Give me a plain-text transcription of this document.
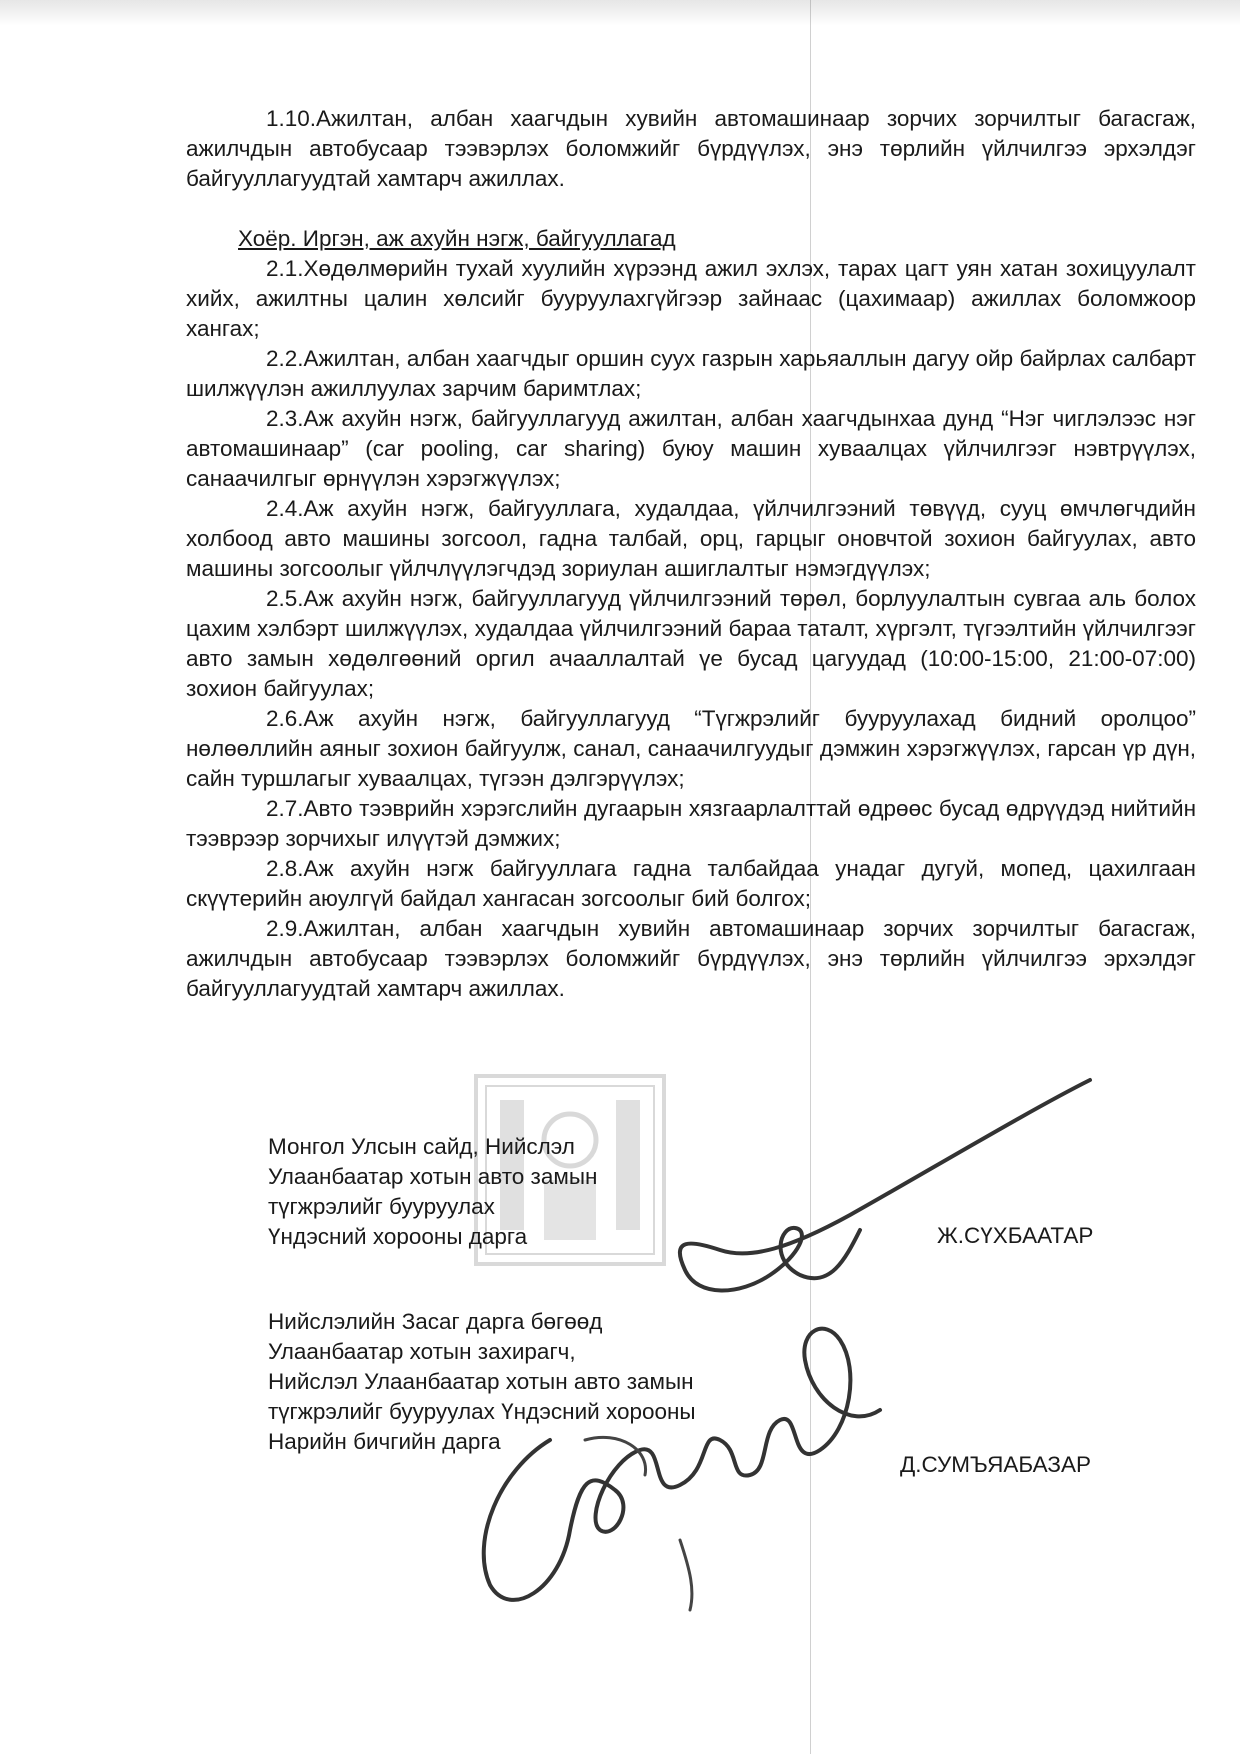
1.10.Ажилтан, албан хаагчдын хувийн автомашинаар зорчих зорчилтыг багасгаж, ажилчдын автобусаар тээвэрлэх боломжийг бүрдүүлэх, энэ төрлийн үйлчилгээ эрхэлдэг байгууллагуудтай хамтарч ажиллах.

Хоёр. Иргэн, аж ахуйн нэгж, байгууллагад

2.1.Хөдөлмөрийн тухай хуулийн хүрээнд ажил эхлэх, тарах цагт уян хатан зохицуулалт хийх, ажилтны цалин хөлсийг бууруулахгүйгээр зайнаас (цахимаар) ажиллах боломжоор хангах;

2.2.Ажилтан, албан хаагчдыг оршин суух газрын харьяаллын дагуу ойр байрлах салбарт шилжүүлэн ажиллуулах зарчим баримтлах;

2.3.Аж ахуйн нэгж, байгууллагууд ажилтан, албан хаагчдынхаа дунд “Нэг чиглэлээс нэг автомашинаар” (car pooling, car sharing) буюу машин хуваалцах үйлчилгээг нэвтрүүлэх, санаачилгыг өрнүүлэн хэрэгжүүлэх;

2.4.Аж ахуйн нэгж, байгууллага, худалдаа, үйлчилгээний төвүүд, сууц өмчлөгчдийн холбоод авто машины зогсоол, гадна талбай, орц, гарцыг оновчтой зохион байгуулах, авто машины зогсоолыг үйлчлүүлэгчдэд зориулан ашиглалтыг нэмэгдүүлэх;

2.5.Аж ахуйн нэгж, байгууллагууд үйлчилгээний төрөл, борлуулалтын сувгаа аль болох цахим хэлбэрт шилжүүлэх, худалдаа үйлчилгээний бараа таталт, хүргэлт, түгээлтийн үйлчилгээг авто замын хөдөлгөөний оргил ачааллалтай үе бусад цагуудад (10:00-15:00, 21:00-07:00) зохион байгуулах;

2.6.Аж ахуйн нэгж, байгууллагууд “Түгжрэлийг бууруулахад бидний оролцоо” нөлөөллийн аяныг зохион байгуулж, санал, санаачилгуудыг дэмжин хэрэгжүүлэх, гарсан үр дүн, сайн туршлагыг хуваалцах, түгээн дэлгэрүүлэх;

2.7.Авто тээврийн хэрэгслийн дугаарын хязгаарлалттай өдрөөс бусад өдрүүдэд нийтийн тээврээр зорчихыг илүүтэй дэмжих;

2.8.Аж ахуйн нэгж байгууллага гадна талбайдаа унадаг дугуй, мопед, цахилгаан скүүтерийн аюулгүй байдал хангасан зогсоолыг бий болгох;

2.9.Ажилтан, албан хаагчдын хувийн автомашинаар зорчих зорчилтыг багасгаж, ажилчдын автобусаар тээвэрлэх боломжийг бүрдүүлэх, энэ төрлийн үйлчилгээ эрхэлдэг байгууллагуудтай хамтарч ажиллах.

Монгол Улсын сайд, Нийслэл
Улаанбаатар хотын авто замын
түгжрэлийг бууруулах
Үндэсний хорооны дарга	Ж.СҮХБААТАР
Нийслэлийн Засаг дарга бөгөөд
Улаанбаатар хотын захирагч,
Нийслэл Улаанбаатар хотын авто замын
түгжрэлийг бууруулах Үндэсний хорооны
Нарийн бичгийн дарга
Д.СУМЪЯАБАЗАР
